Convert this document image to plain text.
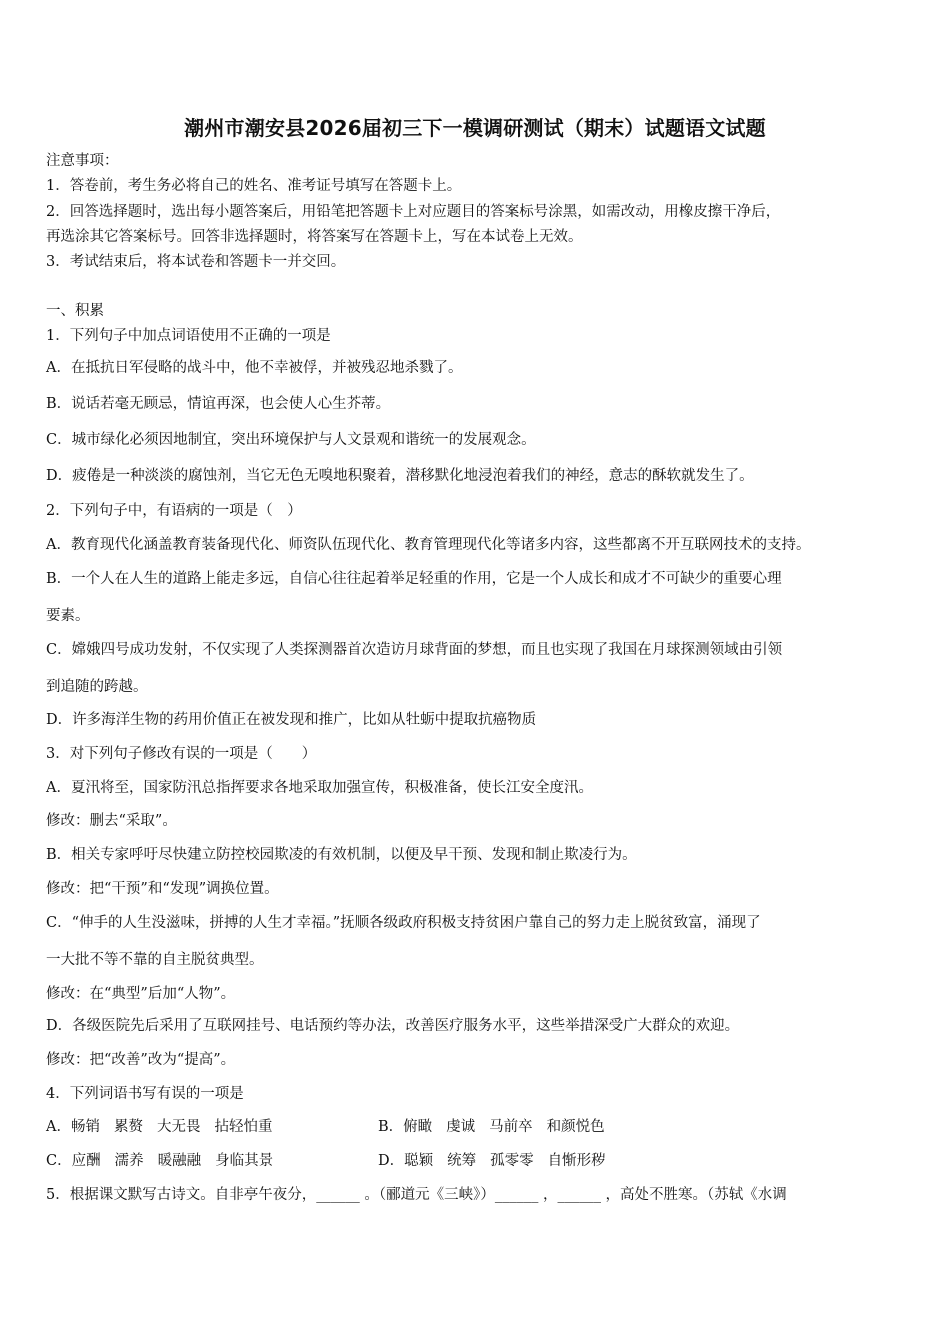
潮州市潮安县2026届初三下一模调研测试（期末）试题语文试题
注意事项：
1．答卷前，考生务必将自己的姓名、准考证号填写在答题卡上。
2．回答选择题时，选出每小题答案后，用铅笔把答题卡上对应题目的答案标号涂黑，如需改动，用橡皮擦干净后，
再选涂其它答案标号。回答非选择题时，将答案写在答题卡上，写在本试卷上无效。
3．考试结束后，将本试卷和答题卡一并交回。
一、积累
1．下列句子中加点词语使用不正确的一项是
A．在抵抗日军侵略的战斗中，他不幸被俘，并被残忍地杀戮了。
B．说话若毫无顾忌，情谊再深，也会使人心生芥蒂。
C．城市绿化必须因地制宜，突出环境保护与人文景观和谐统一的发展观念。
D．疲倦是一种淡淡的腐蚀剂，当它无色无嗅地积聚着，潜移默化地浸泡着我们的神经，意志的酥软就发生了。
2．下列句子中，有语病的一项是（　）
A．教育现代化涵盖教育装备现代化、师资队伍现代化、教育管理现代化等诸多内容，这些都离不开互联网技术的支持。
B．一个人在人生的道路上能走多远，自信心往往起着举足轻重的作用，它是一个人成长和成才不可缺少的重要心理
要素。
C．嫦娥四号成功发射，不仅实现了人类探测器首次造访月球背面的梦想，而且也实现了我国在月球探测领域由引领
到追随的跨越。
D．许多海洋生物的药用价值正在被发现和推广，比如从牡蛎中提取抗癌物质
3．对下列句子修改有误的一项是（　　）
A．夏汛将至，国家防汛总指挥要求各地采取加强宣传，积极准备，使长江安全度汛。
修改：删去“采取”。
B．相关专家呼吁尽快建立防控校园欺凌的有效机制，以便及早干预、发现和制止欺凌行为。
修改：把“干预”和“发现”调换位置。
C．“伸手的人生没滋味，拼搏的人生才幸福。”抚顺各级政府积极支持贫困户靠自己的努力走上脱贫致富，涌现了
一大批不等不靠的自主脱贫典型。
修改：在“典型”后加“人物”。
D．各级医院先后采用了互联网挂号、电话预约等办法，改善医疗服务水平，这些举措深受广大群众的欢迎。
修改：把“改善”改为“提高”。
4．下列词语书写有误的一项是
A．畅销 累赘 大无畏 拈轻怕重	B．俯瞰 虔诚 马前卒 和颜悦色
C．应酬 濡养 暖融融 身临其景	D．聪颖 统筹 孤零零 自惭形秽
5．根据课文默写古诗文。自非亭午夜分，______ 。（郦道元《三峡》）______ ，______ ，高处不胜寒。（苏轼《水调
